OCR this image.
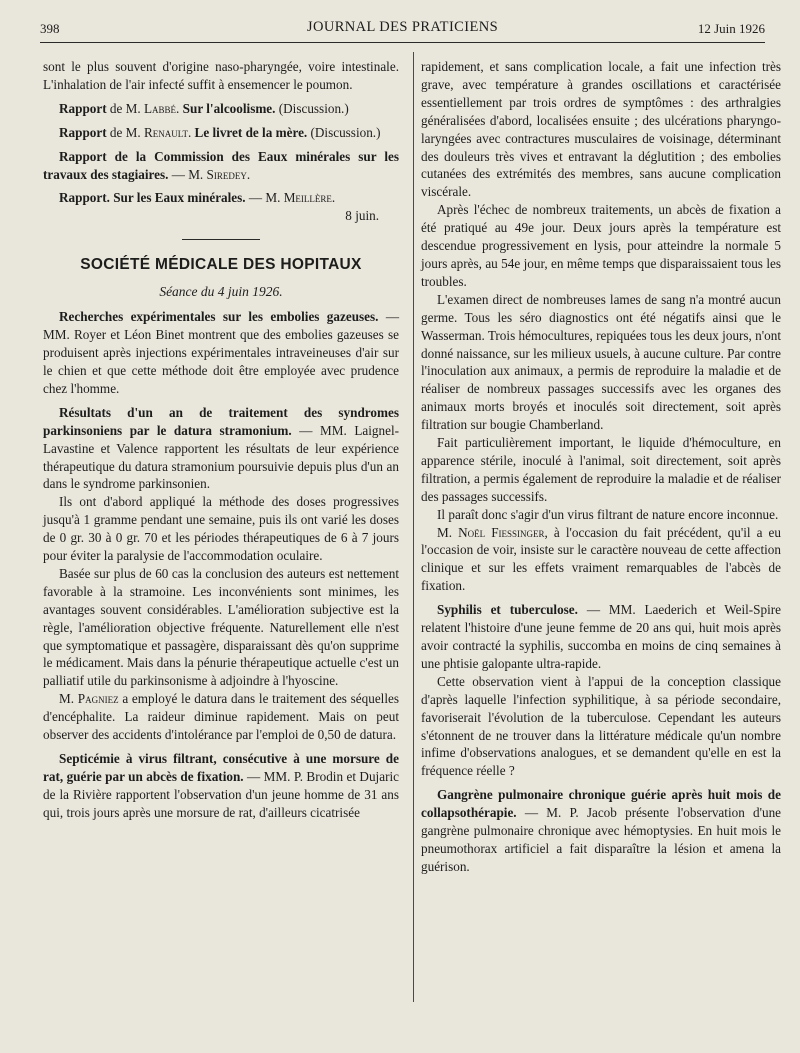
398	JOURNAL DES PRATICIENS	12 Juin 1926

sont le plus souvent d'origine naso-pharyngée, voire intestinale. L'inhalation de l'air infecté suffit à ensemencer le poumon.

Rapport de M. Labbé. Sur l'alcoolisme. (Discussion.)

Rapport de M. Renault. Le livret de la mère. (Discussion.)

Rapport de la Commission des Eaux minérales sur les travaux des stagiaires. — M. Siredey.

Rapport. Sur les Eaux minérales. — M. Meillère.

8 juin.

SOCIÉTÉ MÉDICALE DES HOPITAUX
Séance du 4 juin 1926.

Recherches expérimentales sur les embolies gazeuses. — MM. Royer et Léon Binet montrent que des embolies gazeuses se produisent après injections expérimentales intraveineuses d'air sur le chien et que cette méthode doit être employée avec prudence chez l'homme.

Résultats d'un an de traitement des syndromes parkinsoniens par le datura stramonium. — MM. Laignel-Lavastine et Valence rapportent les résultats de leur expérience thérapeutique du datura stramonium poursuivie depuis plus d'un an dans le syndrome parkinsonien.

Ils ont d'abord appliqué la méthode des doses progressives jusqu'à 1 gramme pendant une semaine, puis ils ont varié les doses de 0 gr. 30 à 0 gr. 70 et les périodes thérapeutiques de 6 à 7 jours pour éviter la paralysie de l'accommodation oculaire.

Basée sur plus de 60 cas la conclusion des auteurs est nettement favorable à la stramoine. Les inconvénients sont minimes, les avantages souvent considérables. L'amélioration subjective est la règle, l'amélioration objective fréquente. Naturellement elle n'est que symptomatique et passagère, disparaissant dès qu'on supprime le médicament. Mais dans la pénurie thérapeutique actuelle c'est un palliatif utile du parkinsonisme à adjoindre à l'hyoscine.

M. Pagniez a employé le datura dans le traitement des séquelles d'encéphalite. La raideur diminue rapidement. Mais on peut observer des accidents d'intolérance par l'emploi de 0,50 de datura.

Septicémie à virus filtrant, consécutive à une morsure de rat, guérie par un abcès de fixation. — MM. P. Brodin et Dujaric de la Rivière rapportent l'observation d'un jeune homme de 31 ans qui, trois jours après une morsure de rat, d'ailleurs cicatrisée

rapidement, et sans complication locale, a fait une infection très grave, avec température à grandes oscillations et caractérisée essentiellement par trois ordres de symptômes : des arthralgies généralisées d'abord, localisées ensuite ; des ulcérations pharyngo-laryngées avec contractures musculaires de voisinage, déterminant des douleurs très vives et entravant la déglutition ; des embolies cutanées des extrémités des membres, sans aucune complication viscérale.

Après l'échec de nombreux traitements, un abcès de fixation a été pratiqué au 49e jour. Deux jours après la température est descendue progressivement en lysis, pour atteindre la normale 5 jours après, au 54e jour, en même temps que disparaissaient tous les troubles.

L'examen direct de nombreuses lames de sang n'a montré aucun germe. Tous les séro diagnostics ont été négatifs ainsi que le Wasserman. Trois hémocultures, repiquées tous les deux jours, n'ont donné naissance, sur les milieux usuels, à aucune culture. Par contre l'inoculation aux animaux, a permis de reproduire la maladie et de réaliser de nombreux passages successifs avec les organes des animaux morts broyés et inoculés soit directement, soit après filtration sur bougie Chamberland.

Fait particulièrement important, le liquide d'hémoculture, en apparence stérile, inoculé à l'animal, soit directement, soit après filtration, a permis également de reproduire la maladie et de réaliser des passages successifs.

Il paraît donc s'agir d'un virus filtrant de nature encore inconnue.

M. Noël Fiessinger, à l'occasion du fait précédent, qu'il a eu l'occasion de voir, insiste sur le caractère nouveau de cette affection clinique et sur les effets vraiment remarquables de l'abcès de fixation.

Syphilis et tuberculose. — MM. Laederich et Weil-Spire relatent l'histoire d'une jeune femme de 20 ans qui, huit mois après avoir contracté la syphilis, succomba en moins de cinq semaines à une phtisie galopante ultra-rapide.

Cette observation vient à l'appui de la conception classique d'après laquelle l'infection syphilitique, à sa période secondaire, favoriserait l'évolution de la tuberculose. Cependant les auteurs s'étonnent de ne trouver dans la littérature médicale qu'un nombre infime d'observations analogues, et se demandent qu'elle en est la fréquence réelle ?

Gangrène pulmonaire chronique guérie après huit mois de collapsothérapie. — M. P. Jacob présente l'observation d'une gangrène pulmonaire chronique avec hémoptysies. En huit mois le pneumothorax artificiel a fait disparaître la lésion et amena la guérison.
